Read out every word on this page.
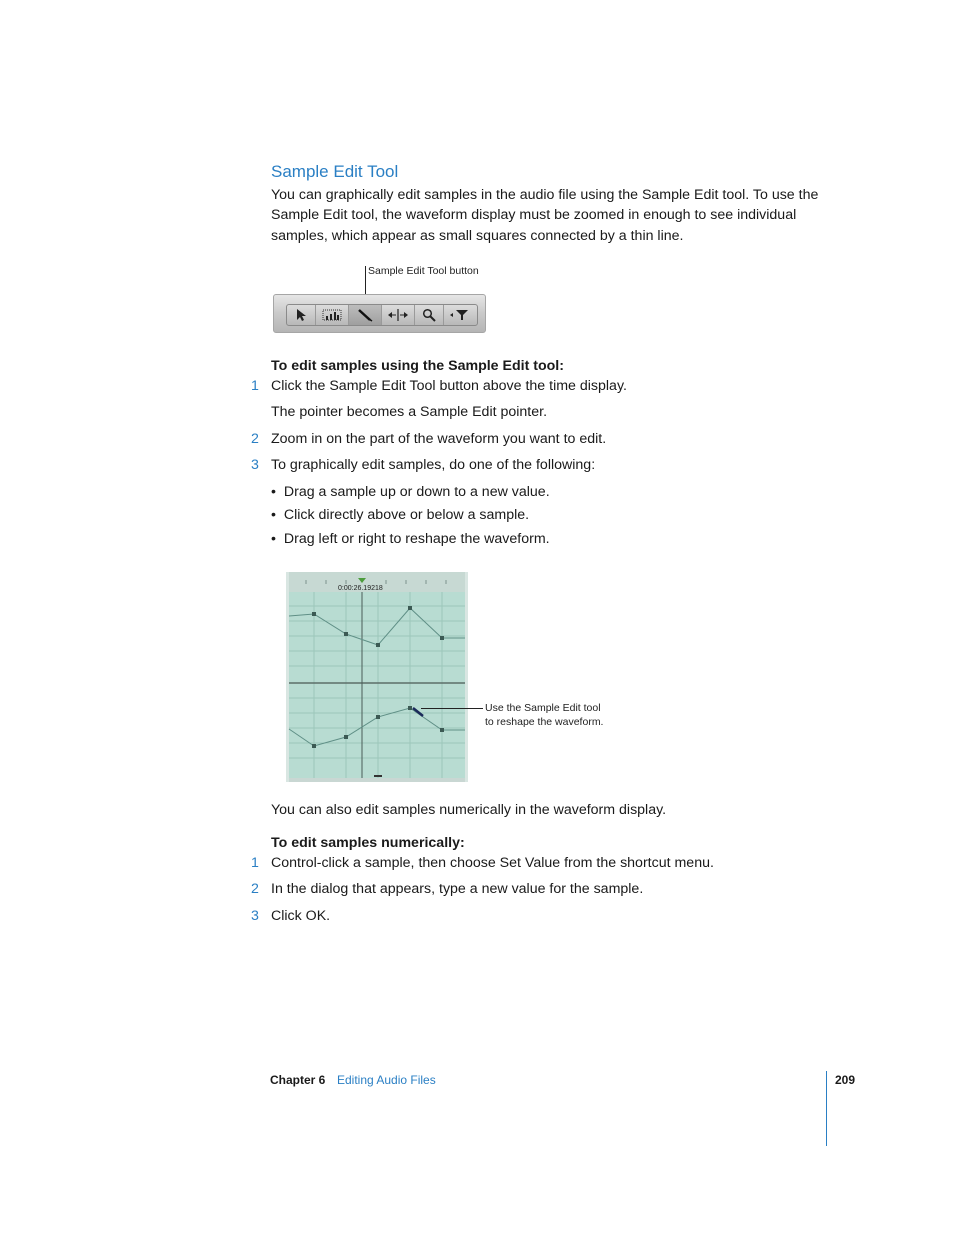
Sample Edit Tool
You can graphically edit samples in the audio file using the Sample Edit tool. To use the
Sample Edit tool, the waveform display must be zoomed in enough to see individual
samples, which appear as small squares connected by a thin line.
Sample Edit Tool button
To edit samples using the Sample Edit tool:
1 Click the Sample Edit Tool button above the time display.
The pointer becomes a Sample Edit pointer.
2 Zoom in on the part of the waveform you want to edit.
3 To graphically edit samples, do one of the following:
•  Drag a sample up or down to a new value.
•  Click directly above or below a sample.
•  Drag left or right to reshape the waveform.
0:00:26.19218
Use the Sample Edit tool
to reshape the waveform.
You can also edit samples numerically in the waveform display.
To edit samples numerically:
1 Control-click a sample, then choose Set Value from the shortcut menu.
2 In the dialog that appears, type a new value for the sample.
3 Click OK.
Chapter 6 Editing Audio Files	209
